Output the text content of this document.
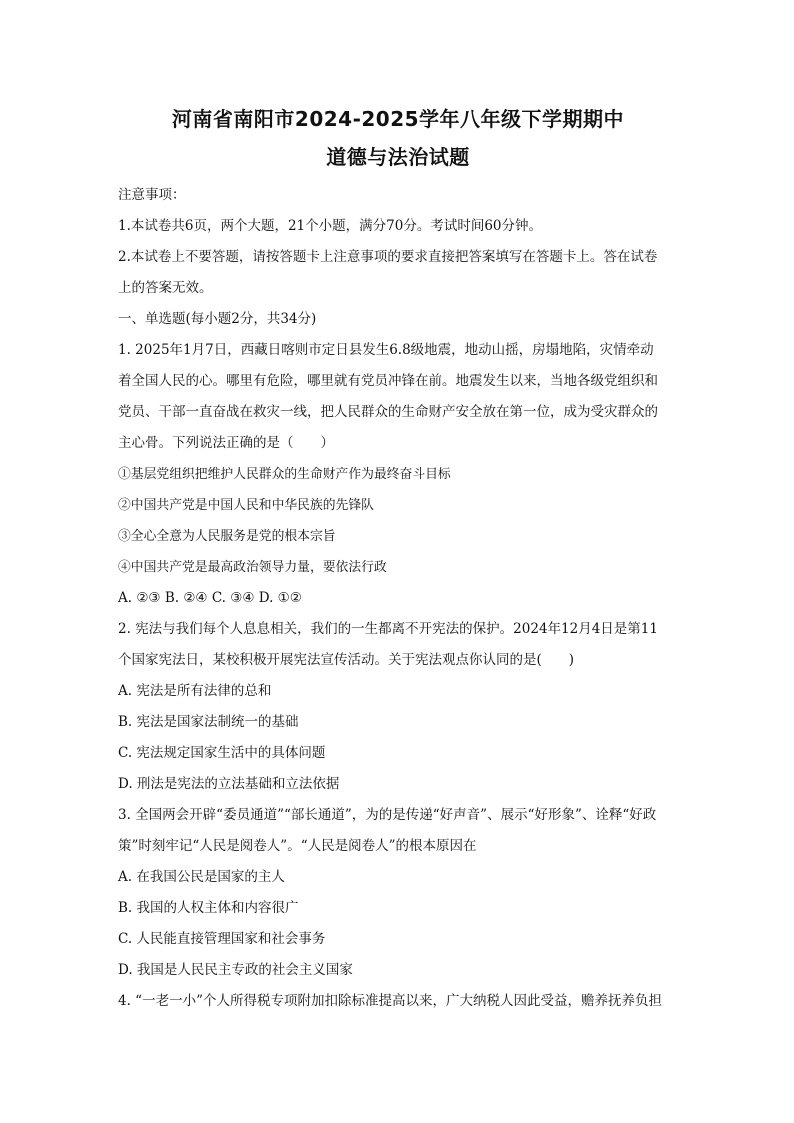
河南省南阳市2024-2025学年八年级下学期期中
道德与法治试题

注意事项：

1.本试卷共6页，两个大题，21个小题，满分70分。考试时间60分钟。

2.本试卷上不要答题，请按答题卡上注意事项的要求直接把答案填写在答题卡上。答在试卷

上的答案无效。

一、单选题(每小题2分，共34分)

1. 2025年1月7日，西藏日喀则市定日县发生6.8级地震，地动山摇，房塌地陷，灾情牵动

着全国人民的心。哪里有危险，哪里就有党员冲锋在前。地震发生以来，当地各级党组织和

党员、干部一直奋战在救灾一线，把人民群众的生命财产安全放在第一位，成为受灾群众的

主心骨。下列说法正确的是（　　）

①基层党组织把维护人民群众的生命财产作为最终奋斗目标

②中国共产党是中国人民和中华民族的先锋队

③全心全意为人民服务是党的根本宗旨

④中国共产党是最高政治领导力量，要依法行政

A. ②③ B. ②④ C. ③④ D. ①②

2. 宪法与我们每个人息息相关，我们的一生都离不开宪法的保护。2024年12月4日是第11

个国家宪法日，某校积极开展宪法宣传活动。关于宪法观点你认同的是(　　)

A. 宪法是所有法律的总和

B. 宪法是国家法制统一的基础

C. 宪法规定国家生活中的具体问题

D. 刑法是宪法的立法基础和立法依据

3. 全国两会开辟“委员通道”“部长通道”，为的是传递“好声音”、展示“好形象”、诠释“好政

策”时刻牢记“人民是阅卷人”。“人民是阅卷人”的根本原因在

A. 在我国公民是国家的主人

B. 我国的人权主体和内容很广

C. 人民能直接管理国家和社会事务

D. 我国是人民民主专政的社会主义国家

4. “一老一小”个人所得税专项附加扣除标准提高以来，广大纳税人因此受益，赡养抚养负担
